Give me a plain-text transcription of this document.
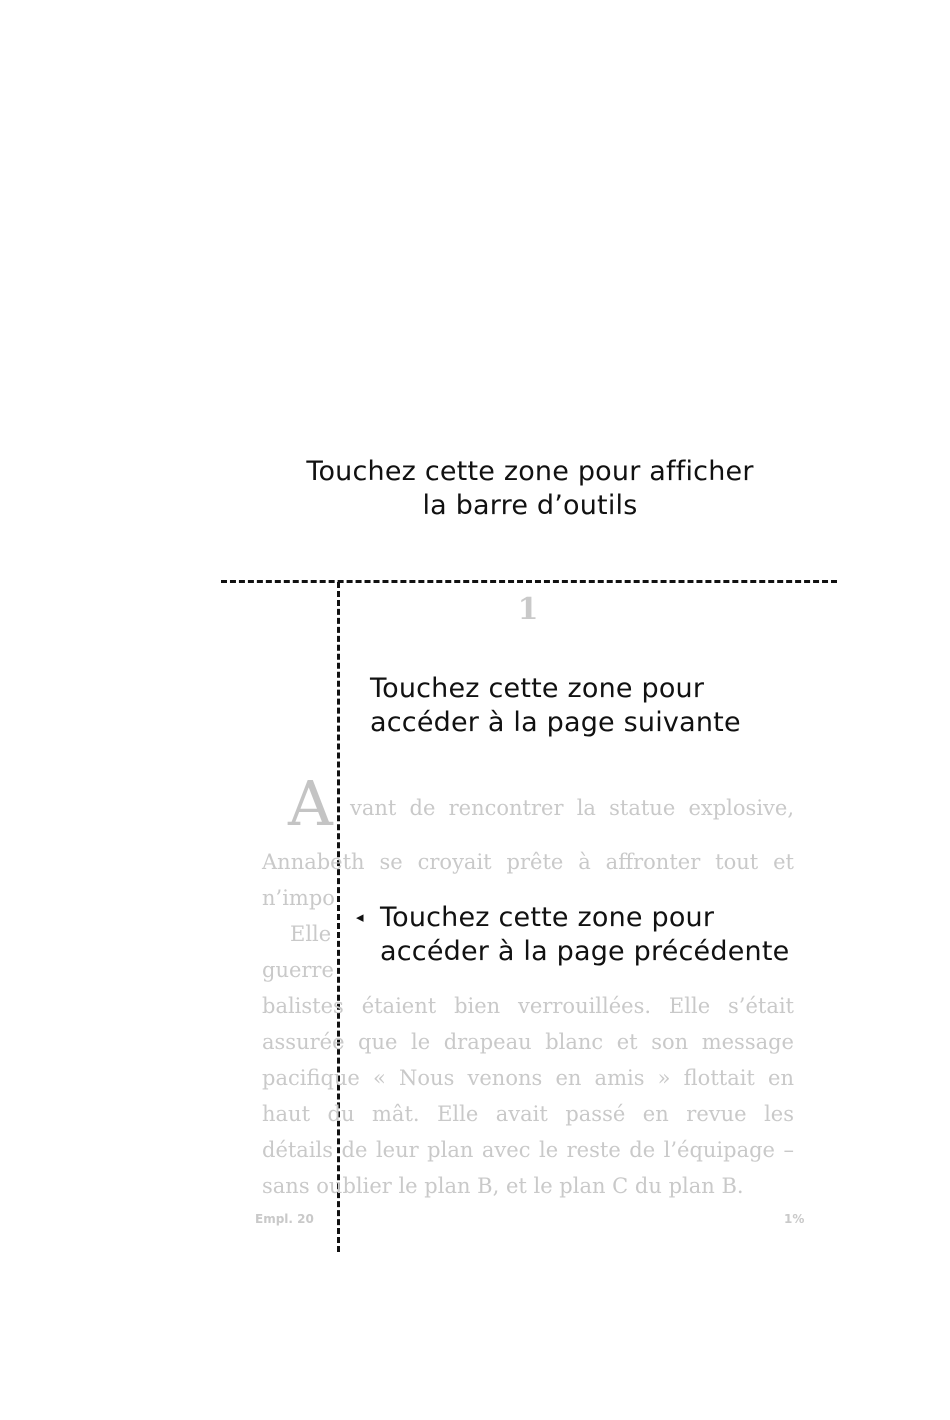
Touchez cette zone pour afficher
la barre d’outils
1
Touchez cette zone pour
accéder à la page suivante
A vant de rencontrer la statue explosive,
Annabeth se croyait prête à affronter tout et
n’impo
Elle
guerre
balistes étaient bien verrouillées. Elle s’était
assurée que le drapeau blanc et son message
pacifique « Nous venons en amis » flottait en
haut du mât. Elle avait passé en revue les
détails de leur plan avec le reste de l’équipage –
sans oublier le plan B, et le plan C du plan B.
◂ Touchez cette zone pour
accéder à la page précédente
Empl. 20	1%
